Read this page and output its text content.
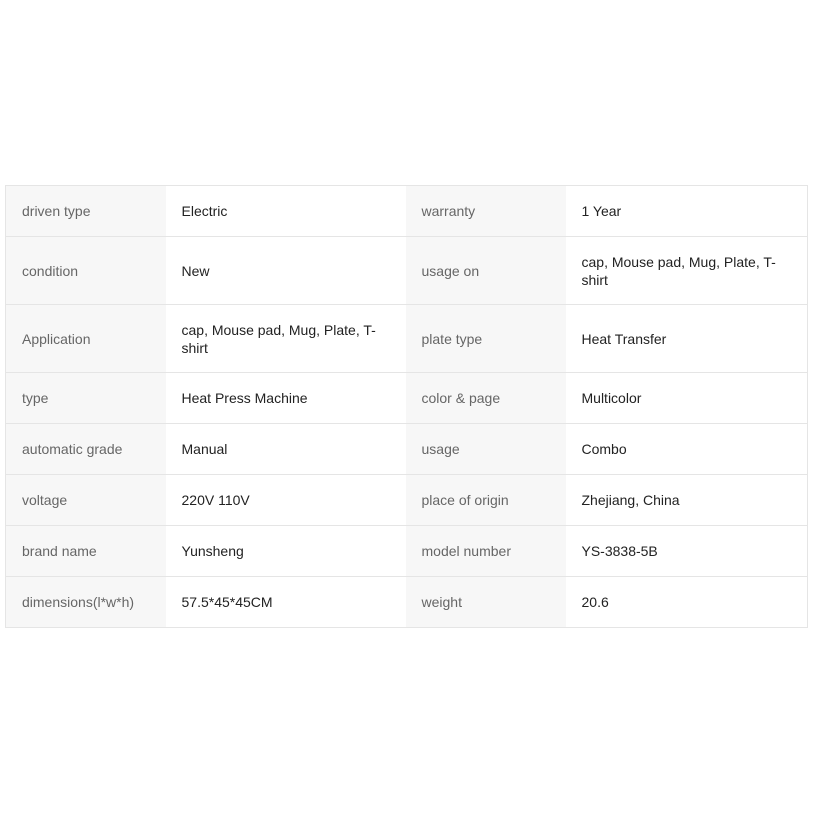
driven type	Electric	warranty	1 Year
condition	New	usage on	cap, Mouse pad, Mug, Plate, T-shirt
Application	cap, Mouse pad, Mug, Plate, T-shirt	plate type	Heat Transfer
type	Heat Press Machine	color & page	Multicolor
automatic grade	Manual	usage	Combo
voltage	220V 110V	place of origin	Zhejiang, China
brand name	Yunsheng	model number	YS-3838-5B
dimensions(l*w*h)	57.5*45*45CM	weight	20.6
